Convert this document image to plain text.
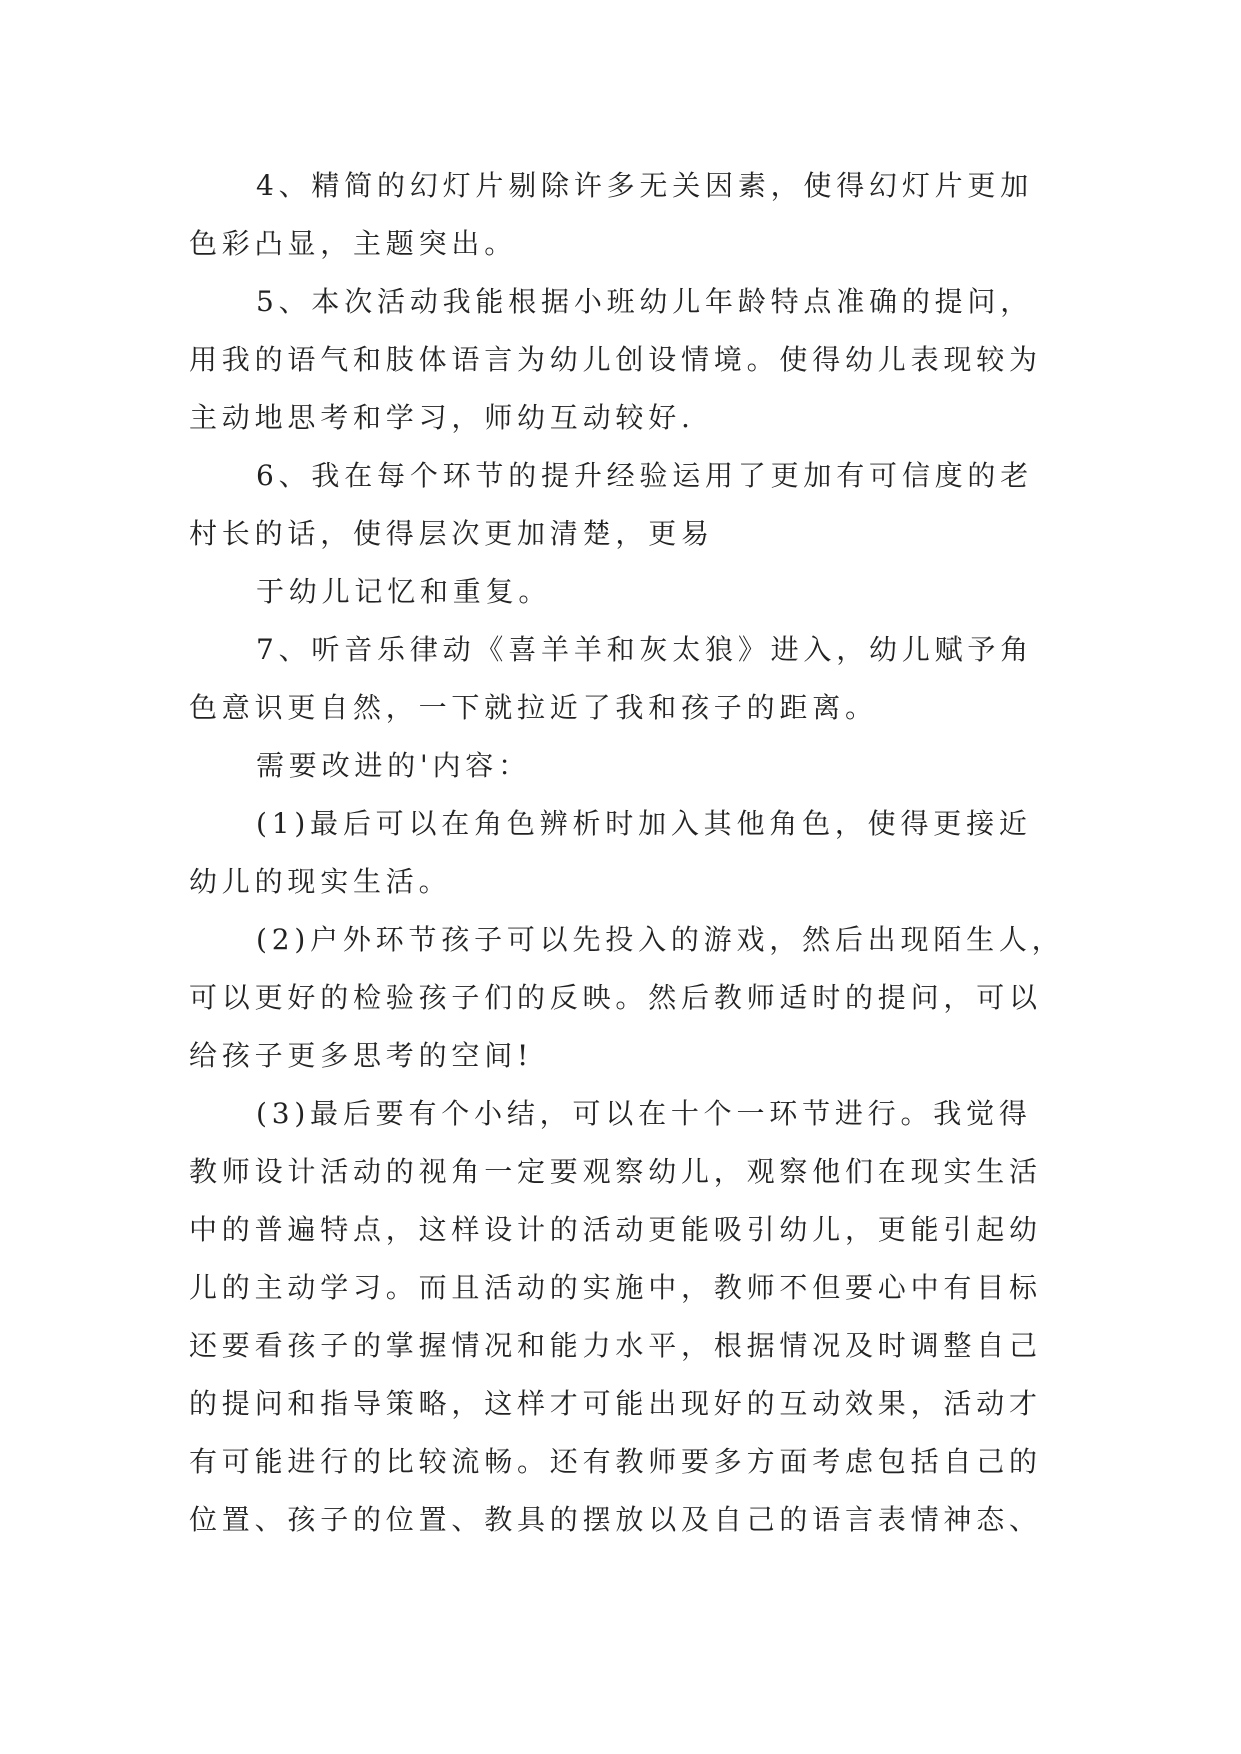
4、精简的幻灯片剔除许多无关因素，使得幻灯片更加

色彩凸显，主题突出。

5、本次活动我能根据小班幼儿年龄特点准确的提问，

用我的语气和肢体语言为幼儿创设情境。使得幼儿表现较为

主动地思考和学习，师幼互动较好.

6、我在每个环节的提升经验运用了更加有可信度的老

村长的话，使得层次更加清楚，更易

于幼儿记忆和重复。

7、听音乐律动《喜羊羊和灰太狼》进入，幼儿赋予角

色意识更自然，一下就拉近了我和孩子的距离。

需要改进的'内容：

(1)最后可以在角色辨析时加入其他角色，使得更接近

幼儿的现实生活。

(2)户外环节孩子可以先投入的游戏，然后出现陌生人，

可以更好的检验孩子们的反映。然后教师适时的提问，可以

给孩子更多思考的空间!

(3)最后要有个小结，可以在十个一环节进行。我觉得

教师设计活动的视角一定要观察幼儿，观察他们在现实生活

中的普遍特点，这样设计的活动更能吸引幼儿，更能引起幼

儿的主动学习。而且活动的实施中，教师不但要心中有目标

还要看孩子的掌握情况和能力水平，根据情况及时调整自己

的提问和指导策略，这样才可能出现好的互动效果，活动才

有可能进行的比较流畅。还有教师要多方面考虑包括自己的

位置、孩子的位置、教具的摆放以及自己的语言表情神态、
